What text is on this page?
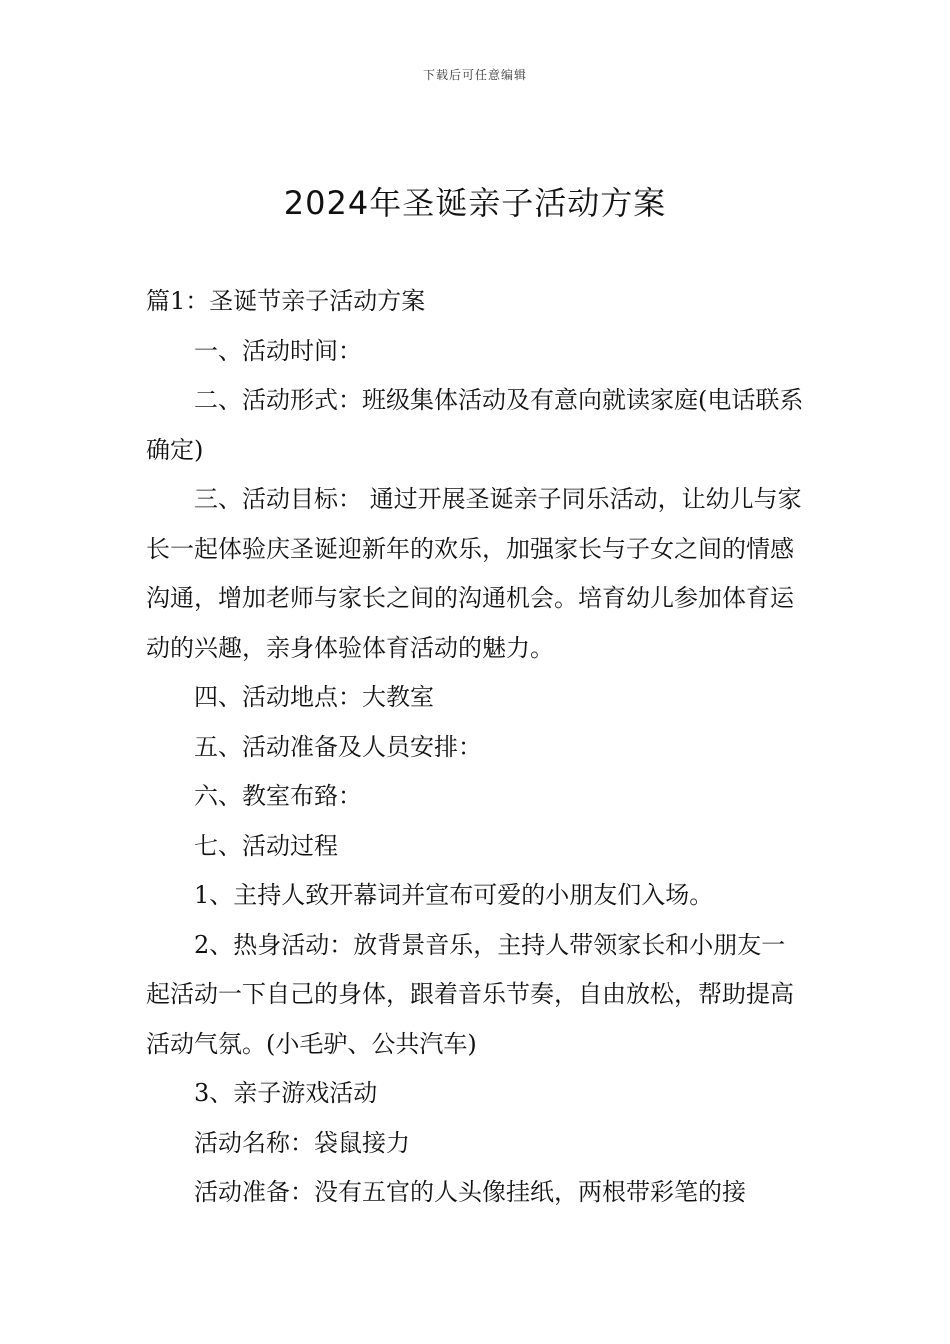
下载后可任意编辑
2024年圣诞亲子活动方案

篇1：圣诞节亲子活动方案

一、活动时间：

二、活动形式：班级集体活动及有意向就读家庭(电话联系确定)

三、活动目标： 通过开展圣诞亲子同乐活动，让幼儿与家长一起体验庆圣诞迎新年的欢乐，加强家长与子女之间的情感沟通，增加老师与家长之间的沟通机会。培育幼儿参加体育运动的兴趣，亲身体验体育活动的魅力。

四、活动地点：大教室

五、活动准备及人员安排：

六、教室布臵：

七、活动过程

1、主持人致开幕词并宣布可爱的小朋友们入场。

2、热身活动：放背景音乐，主持人带领家长和小朋友一起活动一下自己的身体，跟着音乐节奏，自由放松，帮助提高活动气氛。(小毛驴、公共汽车)

3、亲子游戏活动

活动名称：袋鼠接力

活动准备：没有五官的人头像挂纸，两根带彩笔的接
